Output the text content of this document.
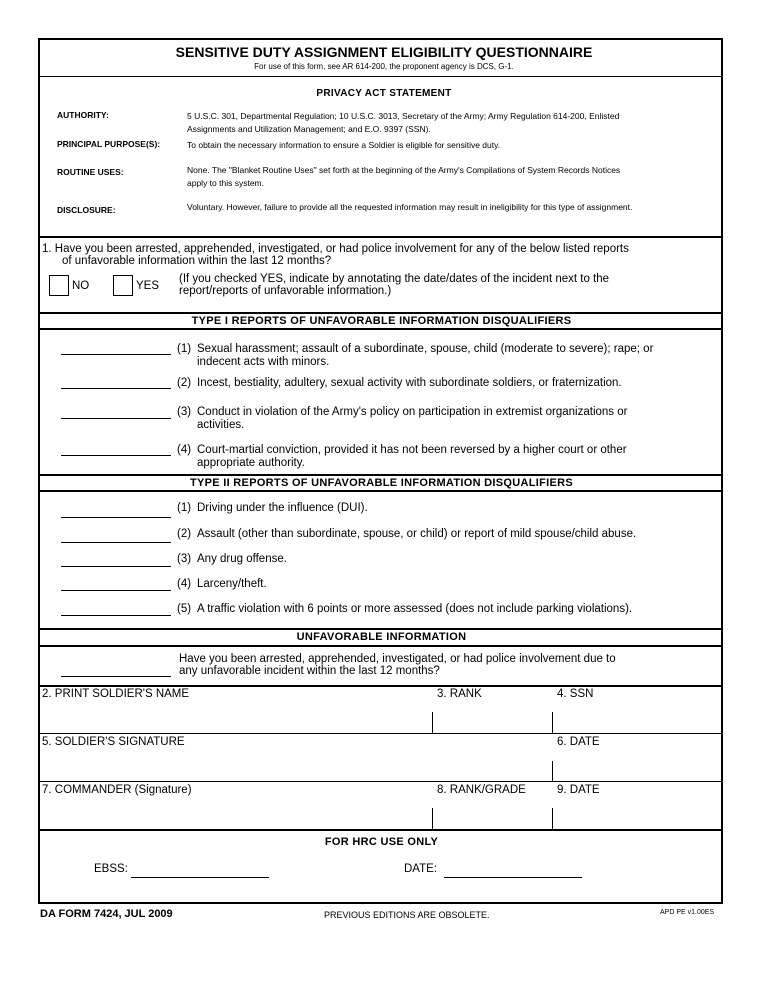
SENSITIVE DUTY ASSIGNMENT ELIGIBILITY QUESTIONNAIRE
For use of this form, see AR 614-200, the proponent agency is DCS, G-1.
PRIVACY ACT STATEMENT
AUTHORITY:	5 U.S.C. 301, Departmental Regulation; 10 U.S.C. 3013, Secretary of the Army; Army Regulation 614-200, Enlisted
Assignments and Utilization Management; and E.O. 9397 (SSN).
PRINCIPAL PURPOSE(S):	To obtain the necessary information to ensure a Soldier is eligible for sensitive duty.
ROUTINE USES:	None. The "Blanket Routine Uses" set forth at the beginning of the Army's Compilations of System Records Notices
apply to this system.
DISCLOSURE:	Voluntary. However, failure to provide all the requested information may result in ineligibility for this type of assignment.
1. Have you been arrested, apprehended, investigated, or had police involvement for any of the below listed reports
of unfavorable information within the last 12 months?
NO	YES
(If you checked YES, indicate by annotating the date/dates of the incident next to the
report/reports of unfavorable information.)
TYPE I REPORTS OF UNFAVORABLE INFORMATION DISQUALIFIERS
(1) Sexual harassment; assault of a subordinate, spouse, child (moderate to severe); rape; or
indecent acts with minors.
(2) Incest, bestiality, adultery, sexual activity with subordinate soldiers, or fraternization.
(3) Conduct in violation of the Army's policy on participation in extremist organizations or
activities.
(4) Court-martial conviction, provided it has not been reversed by a higher court or other
appropriate authority.
TYPE II REPORTS OF UNFAVORABLE INFORMATION DISQUALIFIERS
(1) Driving under the influence (DUI).
(2) Assault (other than subordinate, spouse, or child) or report of mild spouse/child abuse.
(3) Any drug offense.
(4) Larceny/theft.
(5) A traffic violation with 6 points or more assessed (does not include parking violations).
UNFAVORABLE INFORMATION
Have you been arrested, apprehended, investigated, or had police involvement due to
any unfavorable incident within the last 12 months?
2. PRINT SOLDIER'S NAME	3. RANK	4. SSN
5. SOLDIER'S SIGNATURE	6. DATE
7. COMMANDER (Signature)	8. RANK/GRADE	9. DATE
FOR HRC USE ONLY
EBSS:	DATE:
DA FORM 7424, JUL 2009	PREVIOUS EDITIONS ARE OBSOLETE.	APD PE v1.00ES
